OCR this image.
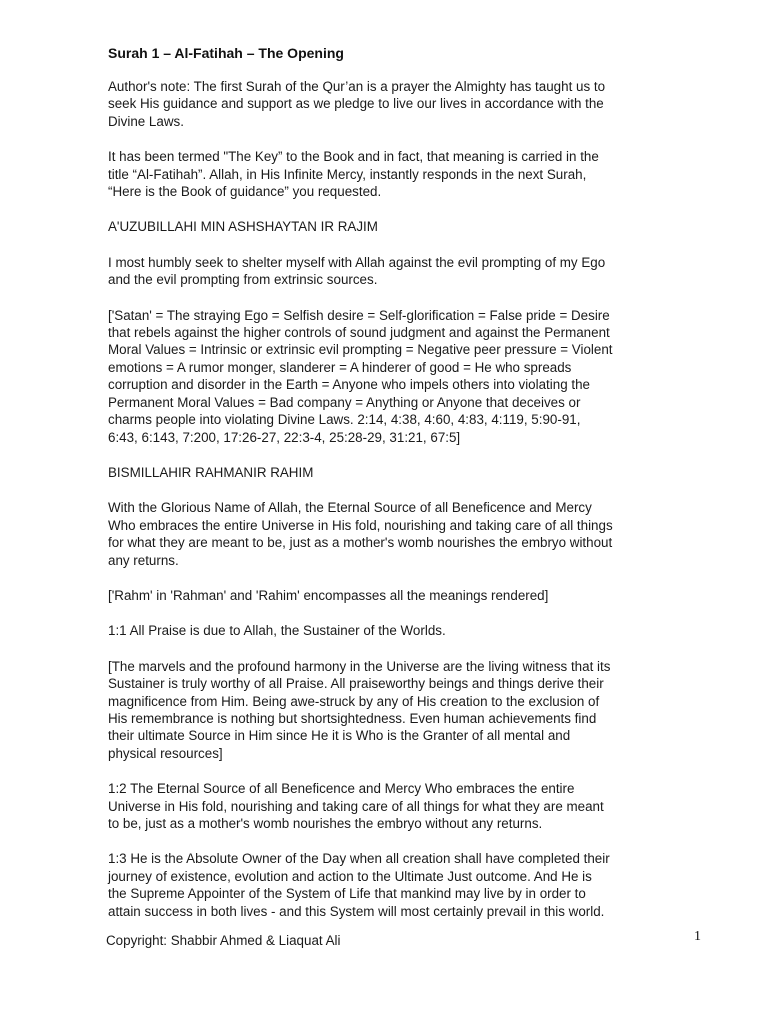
Surah 1 – Al-Fatihah – The Opening
Author's note: The first Surah of the Qur’an is a prayer the Almighty has taught us to
seek His guidance and support as we pledge to live our lives in accordance with the
Divine Laws.
It has been termed "The Key” to the Book and in fact, that meaning is carried in the
title “Al-Fatihah”. Allah, in His Infinite Mercy, instantly responds in the next Surah,
“Here is the Book of guidance” you requested.
A'UZUBILLAHI MIN ASHSHAYTAN IR RAJIM
I most humbly seek to shelter myself with Allah against the evil prompting of my Ego
and the evil prompting from extrinsic sources.
['Satan' = The straying Ego = Selfish desire = Self-glorification = False pride = Desire
that rebels against the higher controls of sound judgment and against the Permanent
Moral Values = Intrinsic or extrinsic evil prompting = Negative peer pressure = Violent
emotions = A rumor monger, slanderer = A hinderer of good = He who spreads
corruption and disorder in the Earth = Anyone who impels others into violating the
Permanent Moral Values = Bad company = Anything or Anyone that deceives or
charms people into violating Divine Laws. 2:14, 4:38, 4:60, 4:83, 4:119, 5:90-91,
6:43, 6:143, 7:200, 17:26-27, 22:3-4, 25:28-29, 31:21, 67:5]
BISMILLAHIR RAHMANIR RAHIM
With the Glorious Name of Allah, the Eternal Source of all Beneficence and Mercy
Who embraces the entire Universe in His fold, nourishing and taking care of all things
for what they are meant to be, just as a mother's womb nourishes the embryo without
any returns.
['Rahm' in 'Rahman' and 'Rahim' encompasses all the meanings rendered]
1:1 All Praise is due to Allah, the Sustainer of the Worlds.
[The marvels and the profound harmony in the Universe are the living witness that its
Sustainer is truly worthy of all Praise. All praiseworthy beings and things derive their
magnificence from Him. Being awe-struck by any of His creation to the exclusion of
His remembrance is nothing but shortsightedness. Even human achievements find
their ultimate Source in Him since He it is Who is the Granter of all mental and
physical resources]
1:2 The Eternal Source of all Beneficence and Mercy Who embraces the entire
Universe in His fold, nourishing and taking care of all things for what they are meant
to be, just as a mother's womb nourishes the embryo without any returns.
1:3 He is the Absolute Owner of the Day when all creation shall have completed their
journey of existence, evolution and action to the Ultimate Just outcome. And He is
the Supreme Appointer of the System of Life that mankind may live by in order to
attain success in both lives - and this System will most certainly prevail in this world.
Copyright: Shabbir Ahmed & Liaquat Ali	1
